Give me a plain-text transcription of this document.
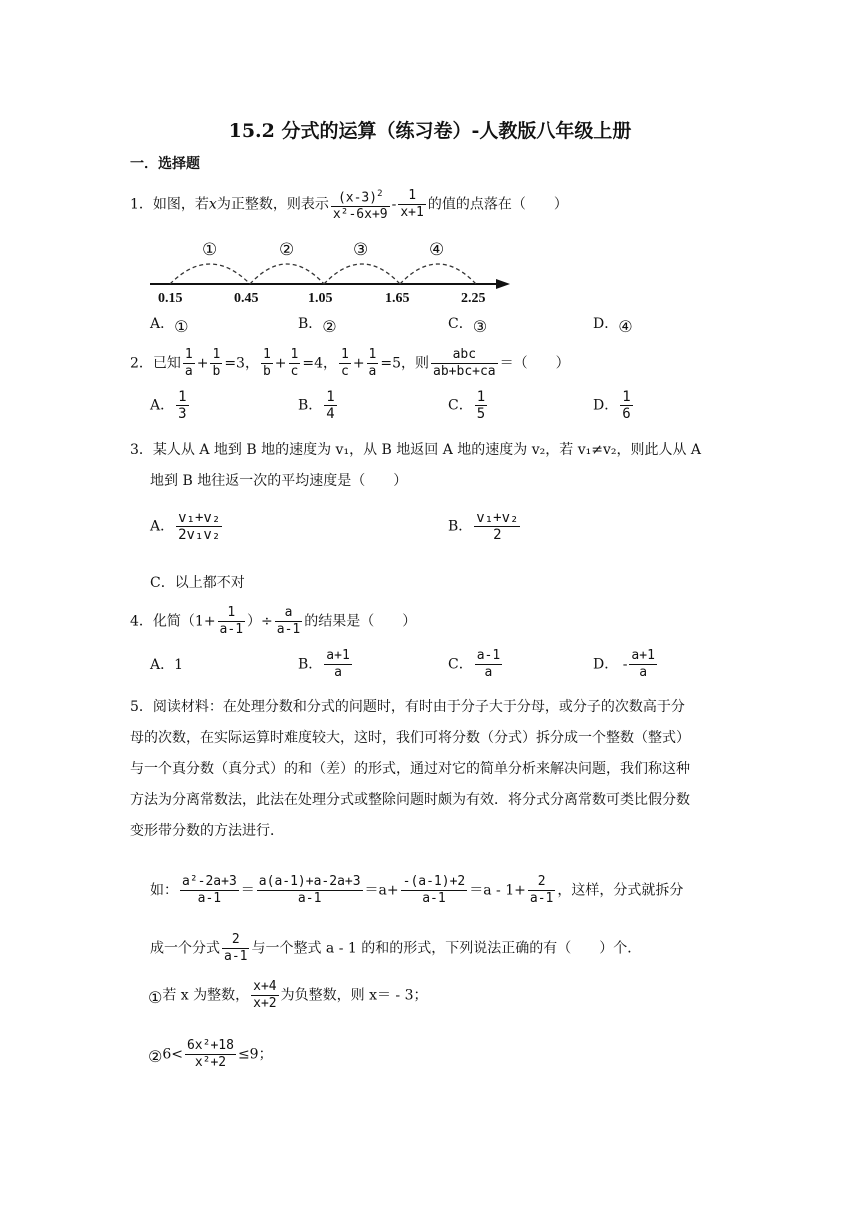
15.2 分式的运算（练习卷）-人教版八年级上册
一．选择题
1．如图，若x为正整数，则表示 $\frac{(x-3)^2}{\text{x²-6x+9}} - \frac{1}{x+1}$ 的值的点落在（　　）
①	②	③	④
0.15	0.45	1.05	1.65	2.25
A．①	B．②	C．③	D．④
2．已知 $\frac{1}{a} + \frac{1}{b} =3$， $\frac{1}{b} + \frac{1}{c} =4$， $\frac{1}{c} + \frac{1}{a} =5$，则 $\frac{\text{abc}}{ab+bc+ca}$ ＝（　　）
A． $\frac{1}{3}$	B． $\frac{1}{4}$	C． $\frac{1}{5}$	D． $\frac{1}{6}$
3．某人从 A 地到 B 地的速度为 v₁，从 B 地返回 A 地的速度为 v₂，若 v₁≠v₂，则此人从 A
地到 B 地往返一次的平均速度是（　　）
A． $\frac{\text{v₁+v₂}}{\text{2v₁v₂}}$	B． $\frac{\text{v₁+v₂}}{2}$
C．以上都不对
4．化简（$1+ \frac{1}{a-1}$ ）÷ $\frac{a}{a-1}$ 的结果是（　　）
A．1	B． $\frac{a+1}{a}$	C． $\frac{a-1}{a}$	D． - $\frac{a+1}{a}$
5．阅读材料：在处理分数和分式的问题时，有时由于分子大于分母，或分子的次数高于分
母的次数，在实际运算时难度较大，这时，我们可将分数（分式）拆分成一个整数（整式）
与一个真分数（真分式）的和（差）的形式，通过对它的简单分析来解决问题，我们称这种
方法为分离常数法，此法在处理分式或整除问题时颇为有效．将分式分离常数可类比假分数
变形带分数的方法进行．
如： $\frac{\text{a²-2a+3}}{a-1} = \frac{a(a-1)+a-2a+3}{a-1} =a+ \frac{-(a-1)+2}{a-1} =a - 1+ \frac{2}{a-1}$ ，这样，分式就拆分
成一个分式 $\frac{2}{a-1}$ 与一个整式 a - 1 的和的形式，下列说法正确的有（　　）个．
①若 x 为整数， $\frac{x+4}{x+2}$ 为负整数，则 x＝ - 3；
②6< $\frac{\text{6x²+18}}{\text{x²+2}} \le 9$；
